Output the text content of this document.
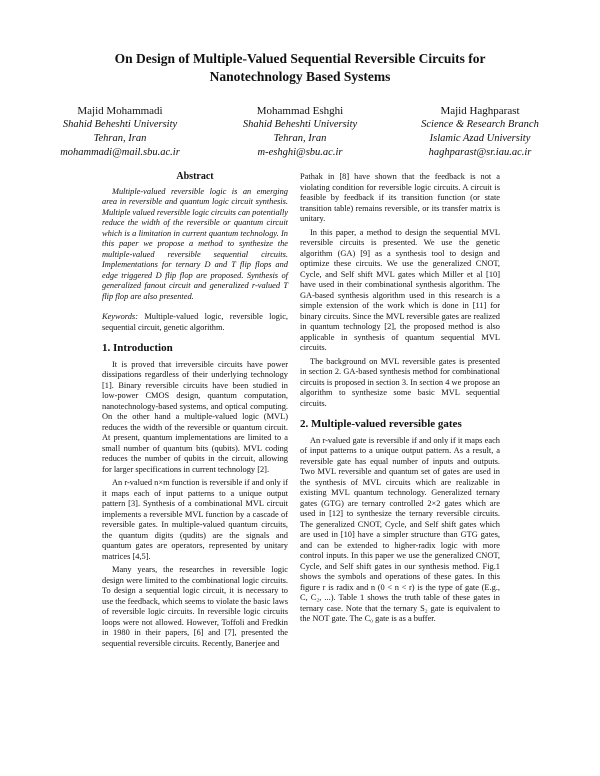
On Design of Multiple-Valued Sequential Reversible Circuits for
Nanotechnology Based Systems
Majid Mohammadi
Shahid Beheshti University
Tehran, Iran
mohammadi@mail.sbu.ac.ir
Mohammad Eshghi
Shahid Beheshti University
Tehran, Iran
m-eshghi@sbu.ac.ir
Majid Haghparast
Science & Research Branch
Islamic Azad University
haghparast@sr.iau.ac.ir
Abstract

Multiple-valued reversible logic is an emerging area in reversible and quantum logic circuit synthesis. Multiple valued reversible logic circuits can potentially reduce the width of the reversible or quantum circuit which is a limitation in current quantum technology. In this paper we propose a method to synthesize the multiple-valued reversible sequential circuits. Implementations for ternary D and T flip flops and edge triggered D flip flop are proposed. Synthesis of generalized fanout circuit and generalized r-valued T flip flop are also presented.

Keywords: Multiple-valued logic, reversible logic, sequential circuit, genetic algorithm.

1. Introduction

It is proved that irreversible circuits have power dissipations regardless of their underlying technology [1]. Binary reversible circuits have been studied in low-power CMOS design, quantum computation, nanotechnology-based systems, and optical computing. On the other hand a multiple-valued logic (MVL) reduces the width of the reversible or quantum circuit. At present, quantum implementations are limited to a small number of quantum bits (qubits). MVL coding reduces the number of qubits in the circuit, allowing for larger specifications in current technology [2].

An r-valued n×m function is reversible if and only if it maps each of input patterns to a unique output pattern [3]. Synthesis of a combinational MVL circuit implements a reversible MVL function by a cascade of reversible gates. In multiple-valued quantum circuits, the quantum digits (qudits) are the signals and quantum gates are operators, represented by unitary matrices [4,5].

Many years, the researches in reversible logic design were limited to the combinational logic circuits. To design a sequential logic circuit, it is necessary to use the feedback, which seems to violate the basic laws of reversible logic circuits. In reversible logic circuits loops were not allowed. However, Toffoli and Fredkin in 1980 in their papers, [6] and [7], presented the sequential reversible circuits. Recently, Banerjee and

Pathak in [8] have shown that the feedback is not a violating condition for reversible logic circuits. A circuit is feasible by feedback if its transition function (or state transition table) remains reversible, or its transfer matrix is unitary.

In this paper, a method to design the sequential MVL reversible circuits is presented. We use the genetic algorithm (GA) [9] as a synthesis tool to design and optimize these circuits. We use the generalized CNOT, Cycle, and Self shift MVL gates which Miller et al [10] have used in their combinational synthesis algorithm. The GA-based synthesis algorithm used in this research is a simple extension of the work which is done in [11] for binary circuits. Since the MVL reversible gates are realized in quantum technology [2], the proposed method is also applicable in synthesis of quantum sequential MVL circuits.

The background on MVL reversible gates is presented in section 2. GA-based synthesis method for combinational circuits is proposed in section 3. In section 4 we propose an algorithm to synthesize some basic MVL sequential circuits.

2. Multiple-valued reversible gates

An r-valued gate is reversible if and only if it maps each of input patterns to a unique output pattern. As a result, a reversible gate has equal number of inputs and outputs. Two MVL reversible and quantum set of gates are used in the synthesis of MVL circuits which are realizable in existing MVL quantum technology. Generalized ternary gates (GTG) are ternary controlled 2×2 gates which are used in [12] to synthesize the ternary reversible circuits. The generalized CNOT, Cycle, and Self shift gates which are used in [10] have a simpler structure than GTG gates, and can be extended to higher-radix logic with more control inputs. In this paper we use the generalized CNOT, Cycle, and Self shift gates in our synthesis method. Fig.1 shows the symbols and operations of these gates. In this figure r is radix and n (0 < n < r) is the type of gate (E.g., C, C₂, ...). Table 1 shows the truth table of these gates in ternary case. Note that the ternary S₂ gate is equivalent to the NOT gate. The C₀ gate is as a buffer.
